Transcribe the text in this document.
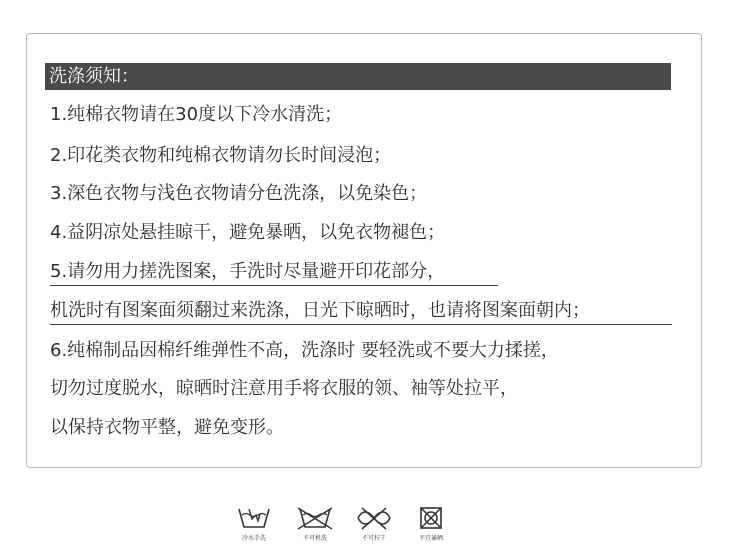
洗涤须知：
1.纯棉衣物请在30度以下冷水清洗；
2.印花类衣物和纯棉衣物请勿长时间浸泡；
3.深色衣物与浅色衣物请分色洗涤，以免染色；
4.益阴凉处悬挂晾干，避免暴晒，以免衣物褪色；
5.请勿用力搓洗图案，手洗时尽量避开印花部分，
机洗时有图案面须翻过来洗涤，日光下晾晒时，也请将图案面朝内；
6.纯棉制品因棉纤维弹性不高，洗涤时 要轻洗或不要大力揉搓，
切勿过度脱水，晾晒时注意用手将衣服的领、袖等处拉平，
以保持衣物平整，避免变形。
冷水手洗	不可机洗	不可拧干	不宜暴晒
